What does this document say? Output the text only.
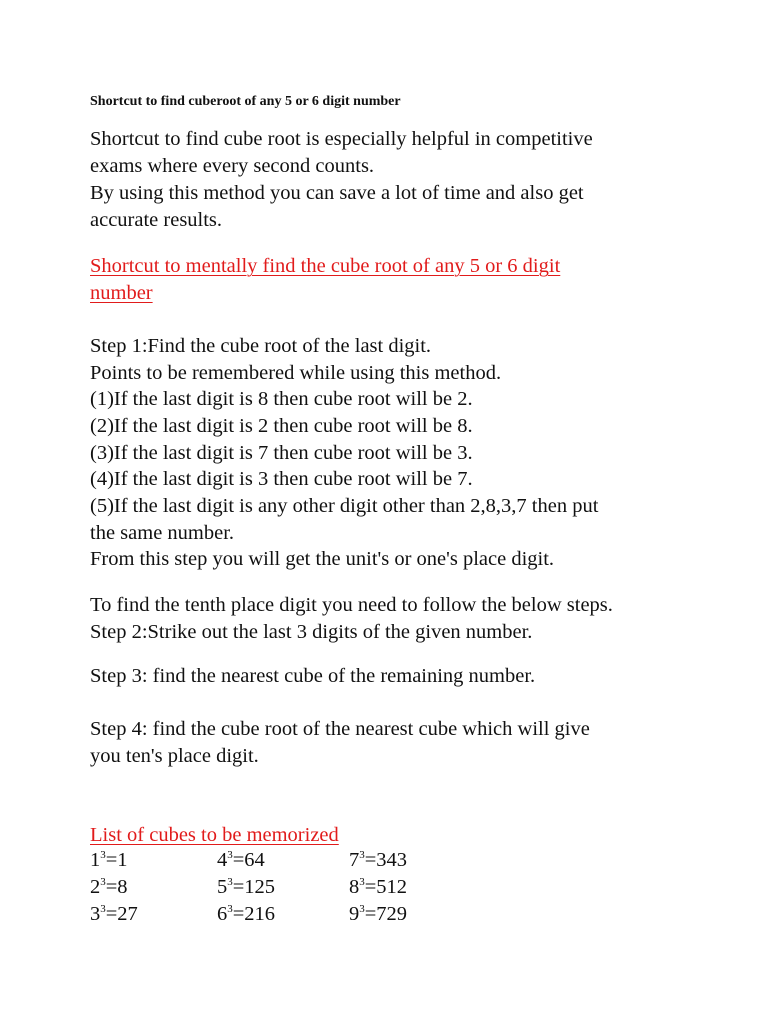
Shortcut to find cuberoot of any 5 or 6 digit number
Shortcut to find cube root is especially helpful in competitive
exams where every second counts.
By using this method you can save a lot of time and also get
accurate results.
Shortcut to mentally find the cube root of any 5 or 6 digit
number
Step 1:Find the cube root of the last digit.
Points to be remembered while using this method.
(1)If the last digit is 8 then cube root will be 2.
(2)If the last digit is 2 then cube root will be 8.
(3)If the last digit is 7 then cube root will be 3.
(4)If the last digit is 3 then cube root will be 7.
(5)If the last digit is any other digit other than 2,8,3,7 then put
the same number.
From this step you will get the unit's or one's place digit.
To find the tenth place digit you need to follow the below steps.
Step 2:Strike out the last 3 digits of the given number.
Step 3: find the nearest cube of the remaining number.
Step 4: find the cube root of the nearest cube which will give
you ten's place digit.
List of cubes to be memorized
$1^3=1$	$4^3=64$	$7^3=343$
$2^3=8$	$5^3=125$	$8^3=512$
$3^3=27$	$6^3=216$	$9^3=729$
